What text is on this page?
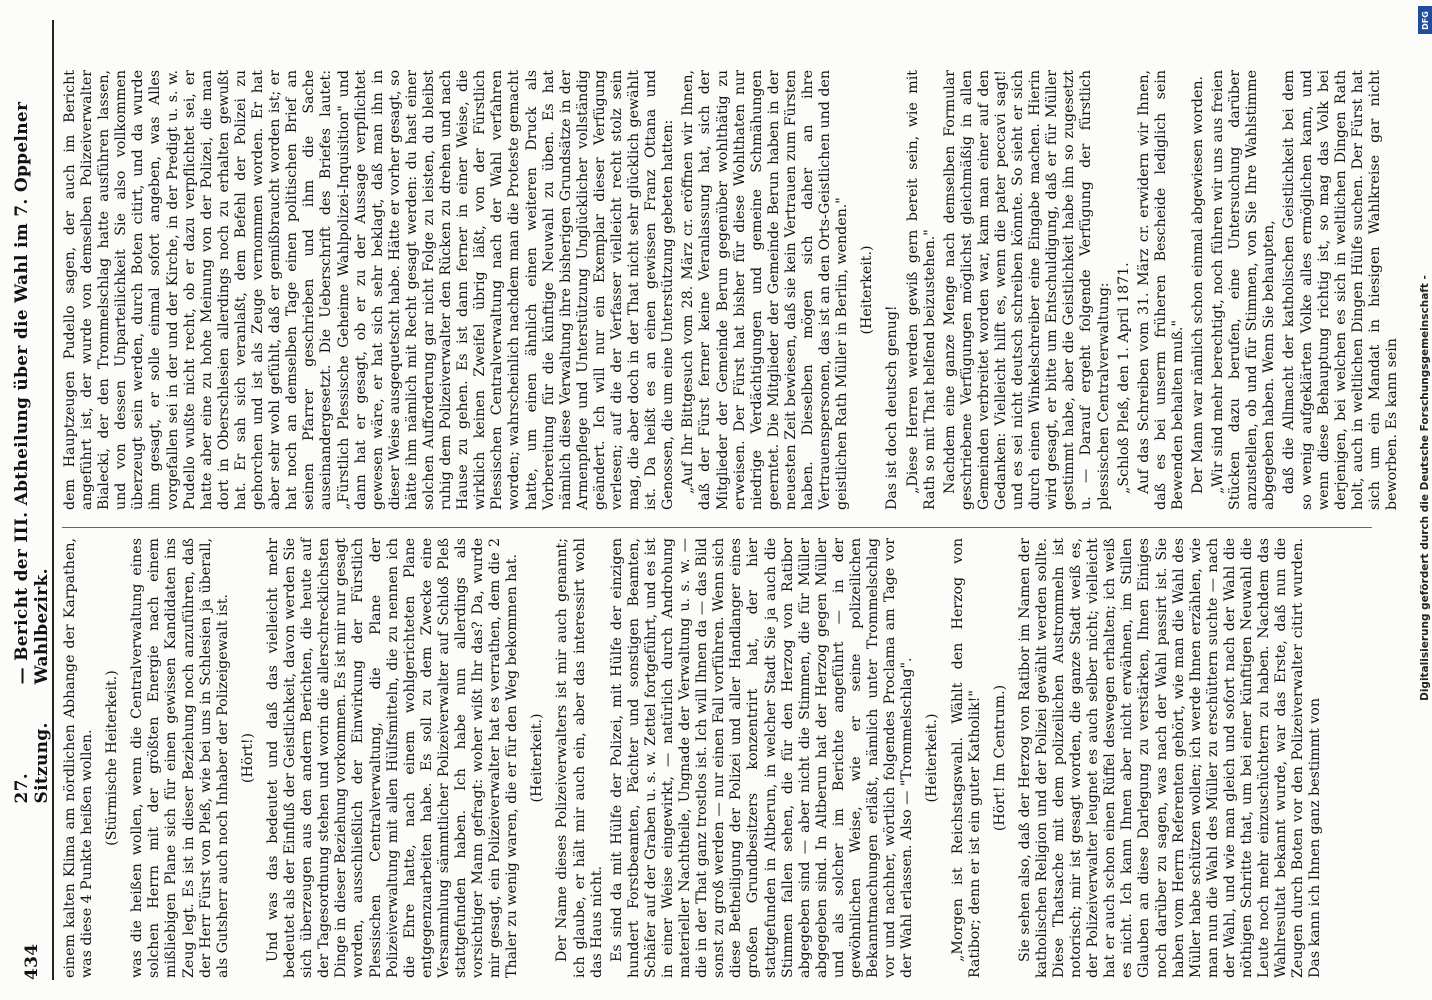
434
27. Sitzung.
— Bericht der III. Abtheilung über die Wahl im 7. Oppelner Wahlbezirk. einem kalten Klima am nördlichen Abhange der Karpathen, was diese 4 Punkte heißen wollen. (Stürmische Heiterkeit.) was die heißen wollen, wenn die Centralverwaltung eines solchen Herrn mit der größten Energie nach einem mißliebigen Plane sich für einen gewissen Kandidaten ins Zeug legt. Es ist in dieser Beziehung noch anzuführen, daß der Herr Fürst von Pleß, wie bei uns in Schlesien ja überall, als Gutsherr auch noch Inhaber der Polizeigewalt ist. (Hört!) Und was das bedeutet und daß das vielleicht mehr bedeutet als der Einfluß der Geistlichkeit, davon werden Sie sich überzeugen aus den andern Berichten, die heute auf der Tagesordnung stehen und worin die allerschrecklichsten Dinge in dieser Beziehung vorkommen. Es ist mir nur gesagt worden, ausschließlich der Einwirkung der Fürstlich Plessischen Centralverwaltung, die Plane der Polizeiverwaltung mit allen Hülfsmitteln, die zu nennen ich die Ehre hatte, nach einem wohlgerichteten Plane entgegenzuarbeiten habe. Es soll zu dem Zwecke eine Versammlung sämmtlicher Polizeiverwalter auf Schloß Pleß stattgefunden haben. Ich habe nun allerdings als vorsichtiger Mann gefragt: woher wißt Ihr das? Da, wurde mir gesagt, ein Polizeiverwalter hat es verrathen, dem die 2 Thaler zu wenig waren, die er für den Weg bekommen hat. (Heiterkeit.) Der Name dieses Polizeiverwalters ist mir auch genannt; ich glaube, er hält mir auch ein, aber das interessirt wohl das Haus nicht. Es sind da mit Hülfe der Polizei, mit Hülfe der einzigen hundert Forstbeamten, Pächter und sonstigen Beamten, Schäfer auf der Graben u. s. w. Zettel fortgeführt, und es ist in einer Weise eingewirkt, — natürlich durch Androhung materieller Nachtheile, Ungnade der Verwaltung u. s. w. — die in der That ganz trostlos ist. Ich will Ihnen da — das Bild sonst zu groß werden — nur einen Fall vorführen. Wenn sich diese Betheiligung der Polizei und aller Handlanger eines großen Grundbesitzers konzentrirt hat, der hier stattgefunden in Altberun, in welcher Stadt Sie ja auch die Stimmen fallen sehen, die für den Herzog von Ratibor abgegeben sind — aber nicht die Stimmen, die für Müller abgegeben sind. In Altberun hat der Herzog gegen Müller und als solcher im Berichte angeführt — in der gewöhnlichen Weise, wie er seine polizeilichen Bekanntmachungen erläßt, nämlich unter Trommelschlag vor und nachher, wörtlich folgendes Proclama am Tage vor der Wahl erlassen. Also — "Trommelschlag". (Heiterkeit.) „Morgen ist Reichstagswahl. Wählt den Herzog von Ratibor; denn er ist ein guter Katholik!" (Hört! Im Centrum.) Sie sehen also, daß der Herzog von Ratibor im Namen der katholischen Religion und der Polizei gewählt werden sollte. Diese Thatsache mit dem polizeilichen Austrommeln ist notorisch; mir ist gesagt worden, die ganze Stadt weiß es, der Polizeiverwalter leugnet es auch selber nicht; vielleicht hat er auch schon einen Rüffel deswegen erhalten; ich weiß es nicht. Ich kann Ihnen aber nicht erwähnen, im Stillen Glauben an diese Darlegung zu verstärken, Ihnen Einiges noch darüber zu sagen, was nach der Wahl passirt ist. Sie haben vom Herrn Referenten gehört, wie man die Wahl des Müller habe schützen wollen; ich werde Ihnen erzählen, wie man nun die Wahl des Müller zu erschüttern suchte — nach der Wahl, und wie man gleich und sofort nach der Wahl die nöthigen Schritte that, um bei einer künftigen Neuwahl die Leute noch mehr einzuschüchtern zu haben. Nachdem das Wahlresultat bekannt wurde, war das Erste, daß nun die Zeugen durch Boten vor den Polizeiverwalter citirt wurden. Das kann ich Ihnen ganz bestimmt von

dem Hauptzeugen Pudello sagen, der auch im Bericht angeführt ist, der wurde von demselben Polizeiverwalter Bialecki, der den Trommelschlag hatte ausführen lassen, und von dessen Unparteilichkeit Sie also vollkommen überzeugt sein werden, durch Boten citirt, und da wurde ihm gesagt, er solle einmal sofort angeben, was Alles vorgefallen sei in der und der Kirche, in der Predigt u. s. w. Pudello wußte nicht recht, ob er dazu verpflichtet sei, er hatte aber eine zu hohe Meinung von der Polizei, die man dort in Oberschlesien allerdings noch zu erhalten gewußt hat. Er sah sich veranlaßt, dem Befehl der Polizei zu gehorchen und ist als Zeuge vernommen worden. Er hat aber sehr wohl gefühlt, daß er gemißbraucht worden ist; er hat noch an demselben Tage einen politischen Brief an seinen Pfarrer geschrieben und ihm die Sache auseinandergesetzt. Die Ueberschrift des Briefes lautet: „Fürstlich Plessische Geheime Wahlpolizei-Inquisition" und dann hat er gesagt, ob er zu der Aussage verpflichtet gewesen wäre, er hat sich sehr beklagt, daß man ihn in dieser Weise ausgequetscht habe. Hätte er vorher gesagt, so hätte ihm nämlich mit Recht gesagt werden: du hast einer solchen Aufforderung gar nicht Folge zu leisten, du bleibst ruhig dem Polizeiverwalter den Rücken zu drehen und nach Hause zu gehen. Es ist dann ferner in einer Weise, die wirklich keinen Zweifel übrig läßt, von der Fürstlich Plessischen Centralverwaltung nach der Wahl verfahren worden; wahrscheinlich nachdem man die Proteste gemacht hatte, um einen ähnlich einen weiteren Druck als Vorbereitung für die künftige Neuwahl zu üben. Es hat nämlich diese Verwaltung ihre bisherigen Grundsätze in der Armenpflege und Unterstützung Unglücklicher vollständig geändert. Ich will nur ein Exemplar dieser Verfügung verlesen; auf die der Verfasser vielleicht recht stolz sein mag, die aber doch in der That nicht sehr glücklich gewählt ist. Da heißt es an einen gewissen Franz Ottana und Genossen, die um eine Unterstützung gebeten hatten: „Auf Ihr Bittgesuch vom 28. März cr. eröffnen wir Ihnen, daß der Fürst ferner keine Veranlassung hat, sich der Mitglieder der Gemeinde Berun gegenüber wohlthätig zu erweisen. Der Fürst hat bisher für diese Wohlthaten nur niedrige Verdächtigungen und gemeine Schmähungen geerntet. Die Mitglieder der Gemeinde Berun haben in der neuesten Zeit bewiesen, daß sie kein Vertrauen zum Fürsten haben. Dieselben mögen sich daher an ihre Vertrauenspersonen, das ist an den Orts-Geistlichen und den geistlichen Rath Müller in Berlin, wenden." (Heiterkeit.)

Das ist doch deutsch genug! „Diese Herren werden gewiß gern bereit sein, wie mit Rath so mit That helfend beizustehen." Nachdem eine ganze Menge nach demselben Formular geschriebene Verfügungen möglichst gleichmäßig in allen Gemeinden verbreitet worden war, kam man einer auf den Gedanken: Vielleicht hilft es, wenn die pater peccavi sagt! und es sei nicht deutsch schreiben könnte. So sieht er sich durch einen Winkelschreiber eine Eingabe machen. Hierin wird gesagt, er bitte um Entschuldigung, daß er für Müller gestimmt habe, aber die Geistlichkeit habe ihn so zugesetzt u. — Darauf ergeht folgende Verfügung der fürstlich plessischen Centralverwaltung: „Schloß Pleß, den 1. April 1871. Auf das Schreiben vom 31. März cr. erwidern wir Ihnen, daß es bei unserm früheren Bescheide lediglich sein Bewenden behalten muß." Der Mann war nämlich schon einmal abgewiesen worden. „Wir sind mehr berechtigt, noch führen wir uns aus freien Stücken dazu berufen, eine Untersuchung darüber anzustellen, ob und für Stimmen, von Sie Ihre Wahlstimme abgegeben haben. Wenn Sie behaupten, daß die Allmacht der katholischen Geistlichkeit bei dem so wenig aufgeklärten Volke alles ermöglichen kann, und wenn diese Behauptung richtig ist, so mag das Volk bei derjenigen, bei welchen es sich in weltlichen Dingen Rath holt, auch in weltlichen Dingen Hülfe suchen. Der Fürst hat sich um ein Mandat in hiesigen Wahlkreise gar nicht beworben. Es kann sein

DFG
Digitalisierung gefördert durch die Deutsche Forschungsgemeinschaft -
